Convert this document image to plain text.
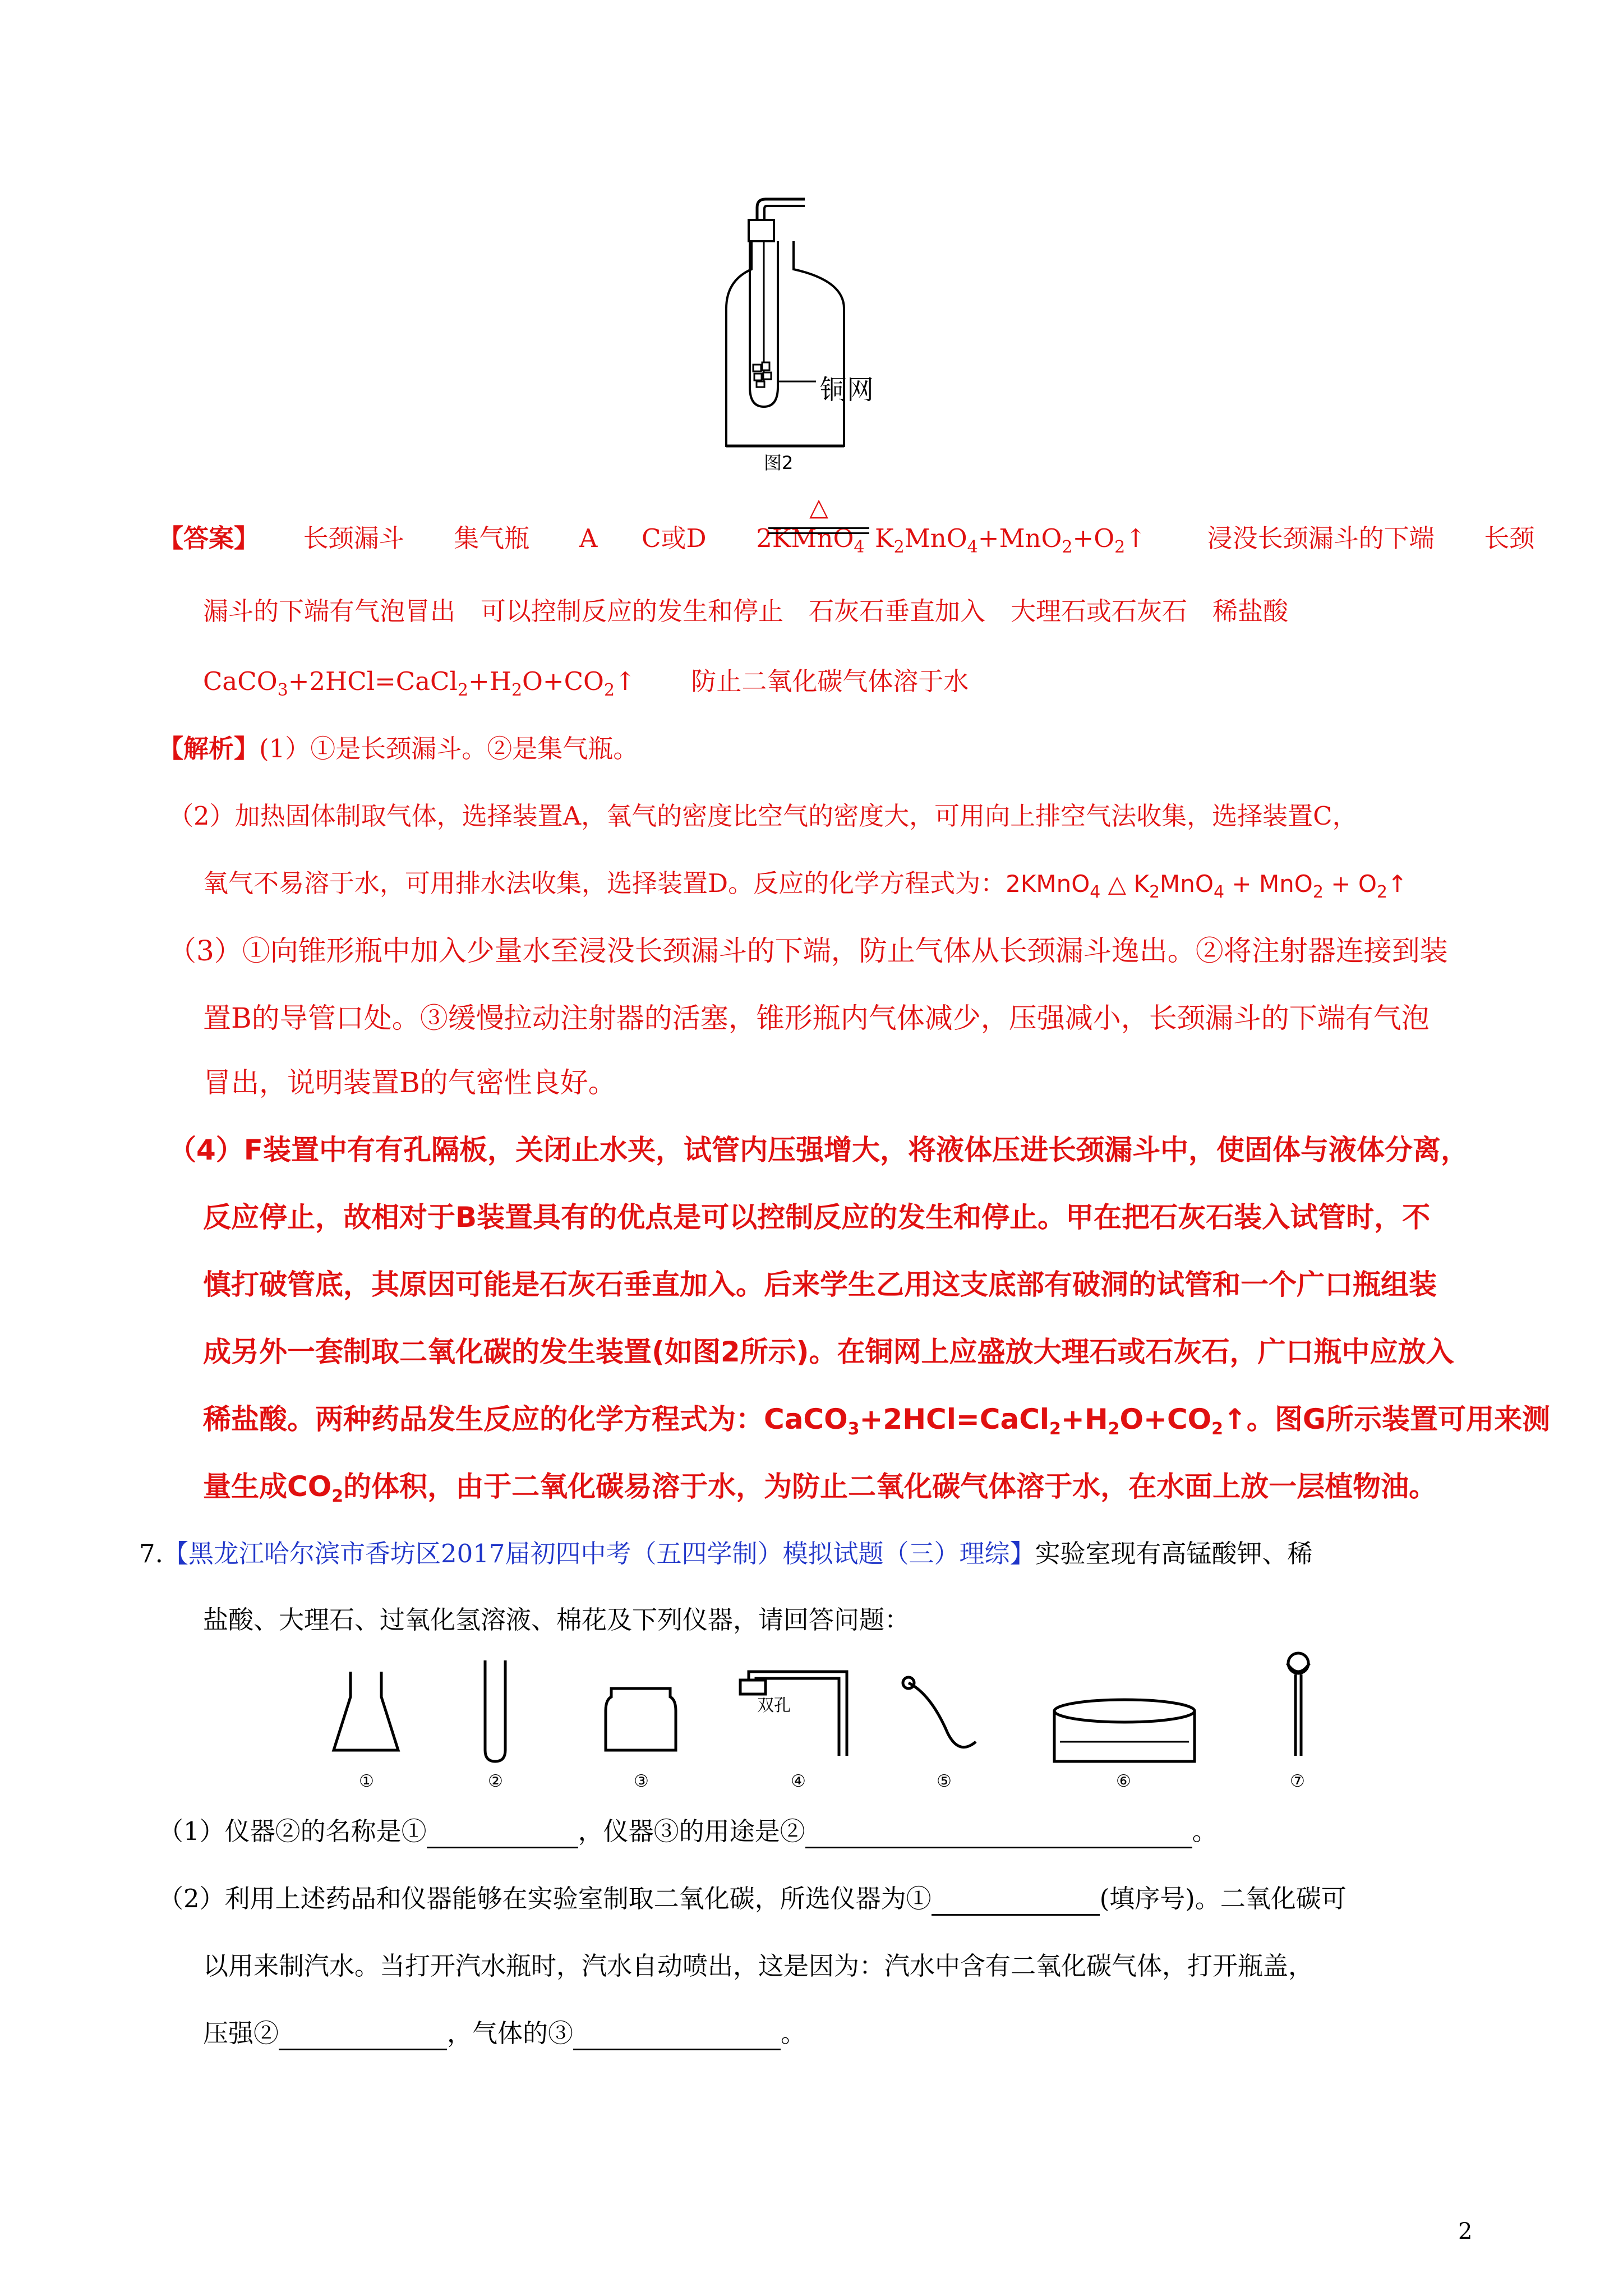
铜网
图2
【答案】 长颈漏斗 集气瓶 A C或D 2KMnO$_4$
△
$K_2MnO_4+MnO_2+O_2↑$ 浸没长颈漏斗的下端 长颈
漏斗的下端有气泡冒出　可以控制反应的发生和停止　石灰石垂直加入　大理石或石灰石　稀盐酸
$CaCO_3+2HCl=CaCl_2+H_2O+CO_2↑$ 防止二氧化碳气体溶于水
【解析】(1）①是长颈漏斗。②是集气瓶。
（2）加热固体制取气体，选择装置A，氧气的密度比空气的密度大，可用向上排空气法收集，选择装置C，
氧气不易溶于水，可用排水法收集，选择装置D。反应的化学方程式为：2KMnO$_4$ △ $K_2MnO_4 + MnO_2$ + $O_2↑$
（3）①向锥形瓶中加入少量水至浸没长颈漏斗的下端，防止气体从长颈漏斗逸出。②将注射器连接到装
置B的导管口处。③缓慢拉动注射器的活塞，锥形瓶内气体减少，压强减小，长颈漏斗的下端有气泡
冒出，说明装置B的气密性良好。
（4）F装置中有有孔隔板，关闭止水夹，试管内压强增大，将液体压进长颈漏斗中，使固体与液体分离，
反应停止，故相对于B装置具有的优点是可以控制反应的发生和停止。甲在把石灰石装入试管时，不
慎打破管底，其原因可能是石灰石垂直加入。后来学生乙用这支底部有破洞的试管和一个广口瓶组装
成另外一套制取二氧化碳的发生装置(如图2所示)。在铜网上应盛放大理石或石灰石，广口瓶中应放入
稀盐酸。两种药品发生反应的化学方程式为：$CaCO_3+2HCl=CaCl_2+H_2O+CO_2↑$。图G所示装置可用来测
量生成$CO_2$的体积，由于二氧化碳易溶于水，为防止二氧化碳气体溶于水，在水面上放一层植物油。
7.【黑龙江哈尔滨市香坊区2017届初四中考（五四学制）模拟试题（三）理综】实验室现有高锰酸钾、稀
盐酸、大理石、过氧化氢溶液、棉花及下列仪器，请回答问题：
双孔
①	②	③	④	⑤	⑥	⑦
（1）仪器②的名称是①	，仪器③的用途是②	。
（2）利用上述药品和仪器能够在实验室制取二氧化碳，所选仪器为①	(填序号)。二氧化碳可
以用来制汽水。当打开汽水瓶时，汽水自动喷出，这是因为：汽水中含有二氧化碳气体，打开瓶盖，
压强②	，气体的③	。
2
